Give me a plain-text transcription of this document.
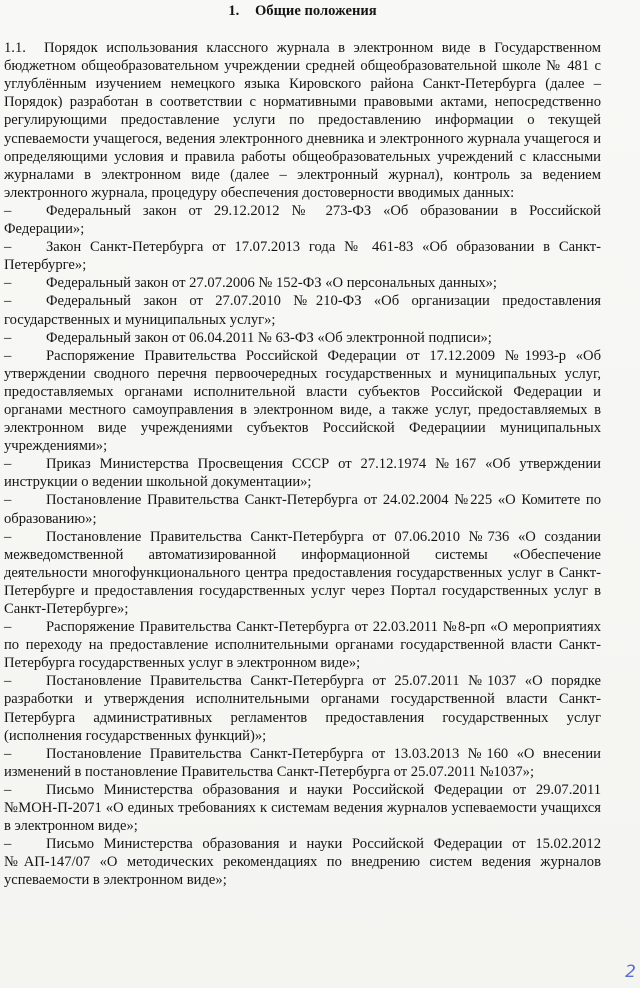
1. Общие положения

1.1. Порядок использования классного журнала в электронном виде в Государственном бюджетном общеобразовательном учреждении средней общеобразовательной школе № 481 с углублённым изучением немецкого языка Кировского района Санкт-Петербурга (далее – Порядок) разработан в соответствии с нормативными правовыми актами, непосредственно регулирующими предоставление услуги по предоставлению информации о текущей успеваемости учащегося, ведения электронного дневника и электронного журнала учащегося и определяющими условия и правила работы общеобразовательных учреждений с классными журналами в электронном виде (далее – электронный журнал), контроль за ведением электронного журнала, процедуру обеспечения достоверности вводимых данных:

– Федеральный закон от 29.12.2012 № 273-ФЗ «Об образовании в Российской Федерации»;

– Закон Санкт-Петербурга от 17.07.2013 года № 461-83 «Об образовании в Санкт-Петербурге»;

– Федеральный закон от 27.07.2006 № 152-ФЗ «О персональных данных»;

– Федеральный закон от 27.07.2010 №210-ФЗ «Об организации предоставления государственных и муниципальных услуг»;

– Федеральный закон от 06.04.2011 № 63-ФЗ «Об электронной подписи»;

– Распоряжение Правительства Российской Федерации от 17.12.2009 №1993-р «Об утверждении сводного перечня первоочередных государственных и муниципальных услуг, предоставляемых органами исполнительной власти субъектов Российской Федерации и органами местного самоуправления в электронном виде, а также услуг, предоставляемых в электронном виде учреждениями субъектов Российской Федерациии муниципальных учреждениями»;

– Приказ Министерства Просвещения СССР от 27.12.1974 №167 «Об утверждении инструкции о ведении школьной документации»;

– Постановление Правительства Санкт-Петербурга от 24.02.2004 №225 «О Комитете по образованию»;

– Постановление Правительства Санкт-Петербурга от 07.06.2010 №736 «О создании межведомственной автоматизированной информационной системы «Обеспечение деятельности многофункционального центра предоставления государственных услуг в Санкт-Петербурге и предоставления государственных услуг через Портал государственных услуг в Санкт-Петербурге»;

– Распоряжение Правительства Санкт-Петербурга от 22.03.2011 №8-рп «О мероприятиях по переходу на предоставление исполнительными органами государственной власти Санкт-Петербурга государственных услуг в электронном виде»;

– Постановление Правительства Санкт-Петербурга от 25.07.2011 №1037 «О порядке разработки и утверждения исполнительными органами государственной власти Санкт-Петербурга административных регламентов предоставления государственных услуг (исполнения государственных функций)»;

– Постановление Правительства Санкт-Петербурга от 13.03.2013 №160 «О внесении изменений в постановление Правительства Санкт-Петербурга от 25.07.2011 №1037»;

– Письмо Министерства образования и науки Российской Федерации от 29.07.2011 №МОН-П-2071 «О единых требованиях к системам ведения журналов успеваемости учащихся в электронном виде»;

– Письмо Министерства образования и науки Российской Федерации от 15.02.2012 №АП-147/07 «О методических рекомендациях по внедрению систем ведения журналов успеваемости в электронном виде»;

2
